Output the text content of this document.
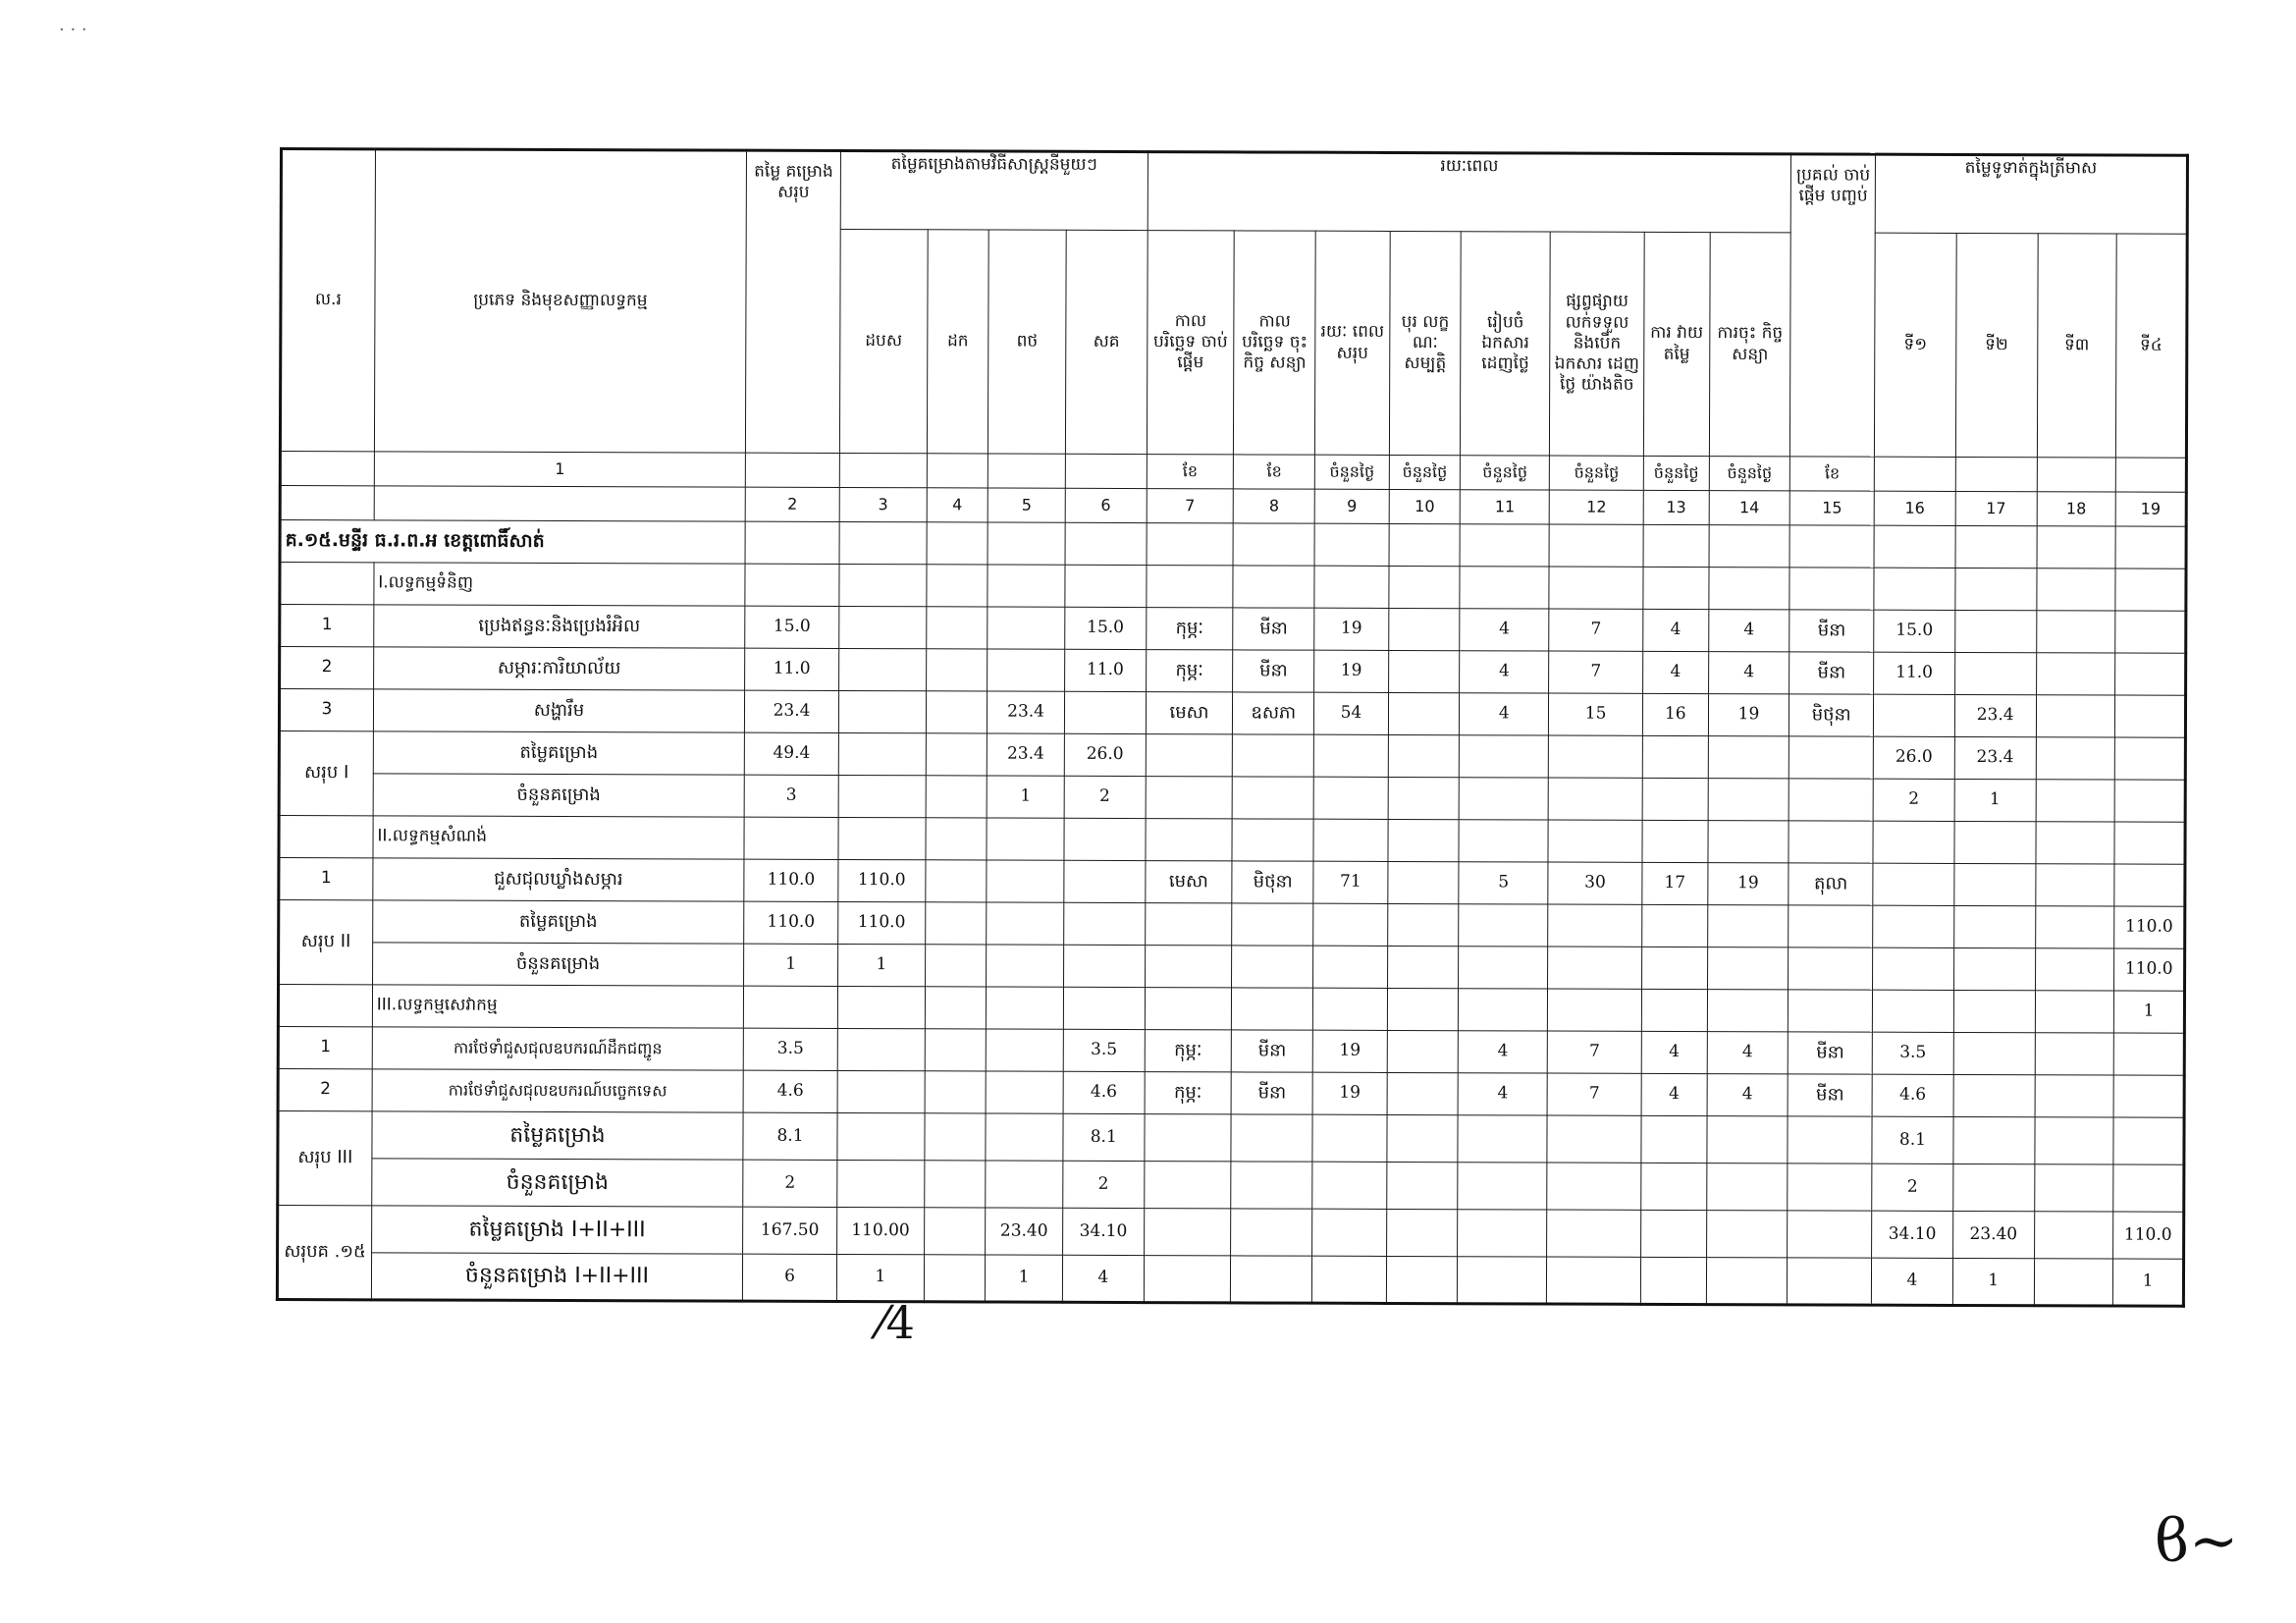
· · ·
ល.រ	ប្រភេទ និងមុខសញ្ញាលទ្ធកម្ម	តម្លៃ គម្រោង សរុប	តម្លៃគម្រោងតាមវិធីសាស្ត្រនីមួយៗ				រយៈពេល								ប្រគល់ ចាប់ផ្តើម បញ្ចប់	តម្លៃទូទាត់ក្នុងត្រីមាស			
			ដបស	ដក	ពថ	សគ	កាល បរិច្ឆេទ ចាប់ផ្តើម	កាល បរិច្ឆេទ ចុះកិច្ច សន្យា	រយៈ ពេល សរុប	បុរ លក្ខ ណៈ សម្បត្តិ	រៀបចំ ឯកសារ ដេញថ្លៃ	ផ្សព្វផ្សាយ លក់ទទួល និងបើក ឯកសារ ដេញថ្លៃ យ៉ាងតិច	ការ វាយ តម្លៃ	ការចុះ កិច្ចសន្យា		ទី១	ទី២	ទី៣	ទី៤
	1						ខែ	ខែ	ចំនួនថ្ងៃ	ចំនួនថ្ងៃ	ចំនួនថ្ងៃ	ចំនួនថ្ងៃ	ចំនួនថ្ងៃ	ចំនួនថ្ងៃ	ខែ				
		2	3	4	5	6	7	8	9	10	11	12	13	14	15	16	17	18	19
គ.១៥.មន្ទីរ ធ.រ.ព.អ ខេត្តពោធិ៍សាត់																			
	I.លទ្ធកម្មទំនិញ																		
1	ប្រេងឥន្ធនៈនិងប្រេងរំអិល	15.0				15.0	កុម្ភៈ	មីនា	19		4	7	4	4	មីនា	15.0			
2	សម្ភារៈការិយាល័យ	11.0				11.0	កុម្ភៈ	មីនា	19		4	7	4	4	មីនា	11.0			
3	សង្ហារឹម	23.4			23.4		មេសា	ឧសភា	54		4	15	16	19	មិថុនា		23.4		
សរុប I	តម្លៃគម្រោង	49.4			23.4	26.0										26.0	23.4		
	ចំនួនគម្រោង	3			1	2										2	1		
	II.លទ្ធកម្មសំណង់																		
1	ជួសជុលឃ្លាំងសម្ភារ	110.0	110.0				មេសា	មិថុនា	71		5	30	17	19	តុលា				
សរុប II	តម្លៃគម្រោង	110.0	110.0																110.0
	ចំនួនគម្រោង	1	1																110.0
	III.លទ្ធកម្មសេវាកម្ម																		1
1	ការថែទាំជួសជុលឧបករណ៍ដឹកជញ្ជូន	3.5				3.5	កុម្ភៈ	មីនា	19		4	7	4	4	មីនា	3.5			
2	ការថែទាំជួសជុលឧបករណ៍បច្ចេកទេស	4.6				4.6	កុម្ភៈ	មីនា	19		4	7	4	4	មីនា	4.6			
សរុប III	តម្លៃគម្រោង	8.1				8.1										8.1			
	ចំនួនគម្រោង	2				2										2			
សរុបគ .១៥	តម្លៃគម្រោង I+II+III	167.50	110.00		23.40	34.10										34.10	23.40		110.0
	ចំនួនគម្រោង I+II+III	6	1		1	4										4	1		1
⁄4
ϐ∼
